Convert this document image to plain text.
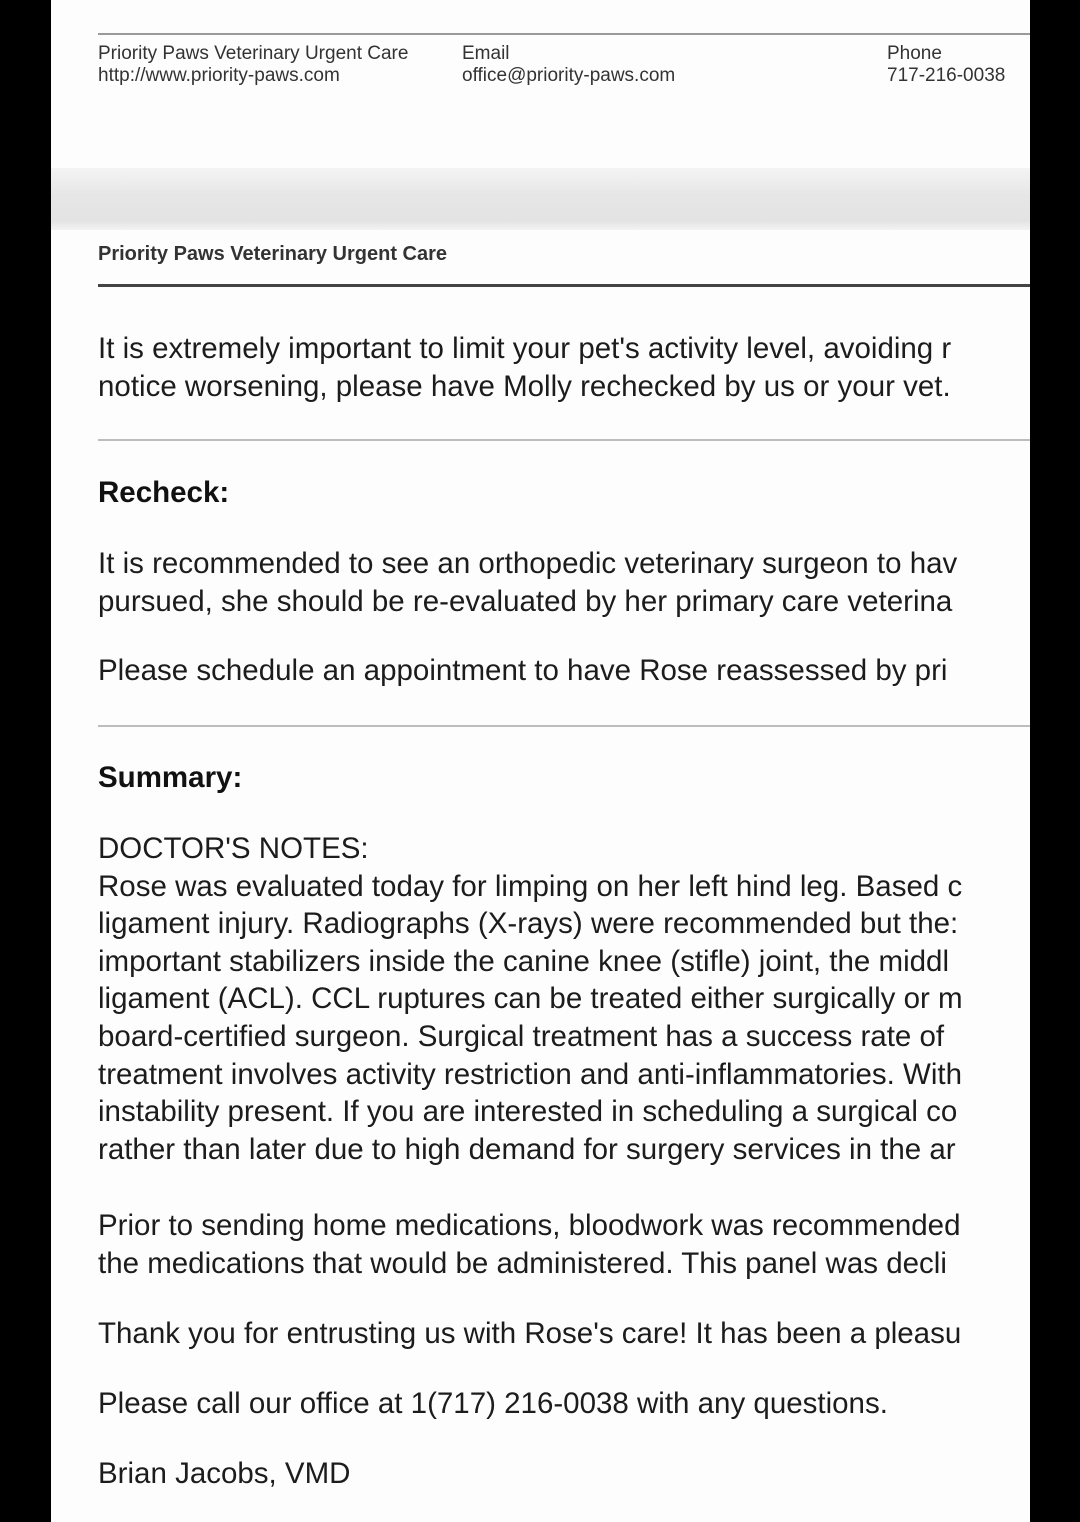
Priority Paws Veterinary Urgent Care
http://www.priority-paws.com
Email
office@priority-paws.com
Phone
717-216-0038
Priority Paws Veterinary Urgent Care
It is extremely important to limit your pet's activity level, avoiding r
notice worsening, please have Molly rechecked by us or your vet.
Recheck:
It is recommended to see an orthopedic veterinary surgeon to hav
pursued, she should be re-evaluated by her primary care veterina
Please schedule an appointment to have Rose reassessed by pri
Summary:
DOCTOR'S NOTES:
Rose was evaluated today for limping on her left hind leg. Based c
ligament injury. Radiographs (X-rays) were recommended but the:
important stabilizers inside the canine knee (stifle) joint, the middl
ligament (ACL). CCL ruptures can be treated either surgically or m
board-certified surgeon. Surgical treatment has a success rate of
treatment involves activity restriction and anti-inflammatories. With
instability present. If you are interested in scheduling a surgical co
rather than later due to high demand for surgery services in the ar
Prior to sending home medications, bloodwork was recommended
the medications that would be administered. This panel was decli
Thank you for entrusting us with Rose's care! It has been a pleasu
Please call our office at 1(717) 216-0038 with any questions.
Brian Jacobs, VMD
